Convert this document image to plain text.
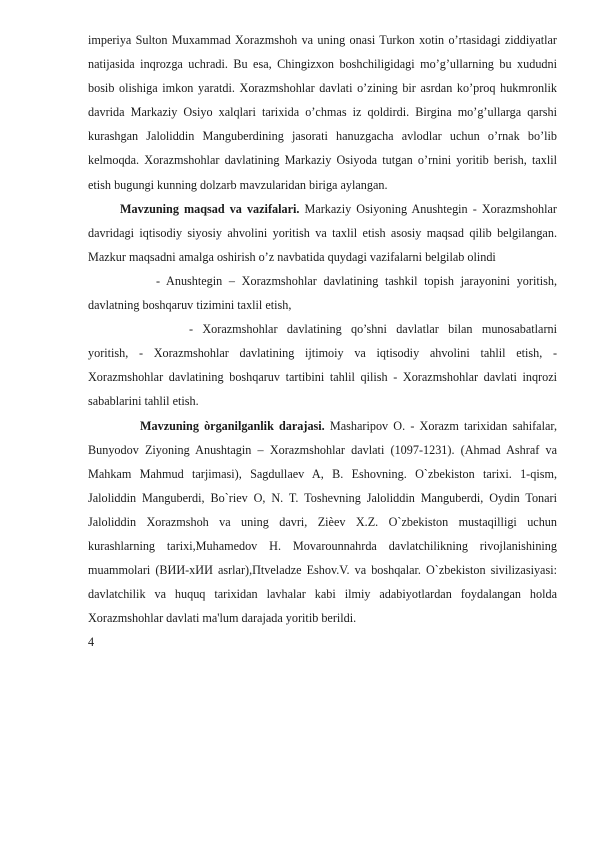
imperiya Sulton Muxammad Xorazmshoh va uning onasi Turkon xotin o’rtasidagi ziddiyatlar natijasida inqrozga uchradi. Bu esa, Chingizxon boshchiligidagi mo’g’ullarning bu xududni bosib olishiga imkon yaratdi. Xorazmshohlar davlati o’zining bir asrdan ko’proq hukmronlik davrida Markaziy Osiyo xalqlari tarixida o’chmas iz qoldirdi. Birgina mo’g’ullarga qarshi kurashgan Jaloliddin Manguberdining jasorati hanuzgacha avlodlar uchun o’rnak bo’lib kelmoqda. Xorazmshohlar davlatining Markaziy Osiyoda tutgan o’rnini yoritib berish, taxlil etish bugungi kunning dolzarb mavzularidan biriga aylangan.

Mavzuning maqsad va vazifalari. Markaziy Osiyoning Anushtegin - Xorazmshohlar davridagi iqtisodiy siyosiy ahvolini yoritish va taxlil etish asosiy maqsad qilib belgilangan. Mazkur maqsadni amalga oshirish o’z navbatida quydagi vazifalarni belgilab olindi

- Anushtegin – Xorazmshohlar davlatining tashkil topish jarayonini yoritish, davlatning boshqaruv tizimini taxlil etish,

- Xorazmshohlar davlatining qo’shni davlatlar bilan munosabatlarni yoritish, - Xorazmshohlar davlatining ijtimoiy va iqtisodiy ahvolini tahlil etish, - Xorazmshohlar davlatining boshqaruv tartibini tahlil qilish - Xorazmshohlar davlati inqrozi sabablarini tahlil etish.

Mavzuning òrganilganlik darajasi. Masharipov O. - Xorazm tarixidan sahifalar, Bunyodov Ziyoning Anushtagin – Xorazmshohlar davlati (1097-1231). (Ahmad Ashraf va Mahkam Mahmud tarjimasi), Sagdullaev A, B. Eshovning. O`zbekiston tarixi. 1-qism, Jaloliddin Manguberdi, Bo`riev O, N. T. Toshevning Jaloliddin Manguberdi, Oydin Tonari Jaloliddin Xorazmshoh va uning davri, Ziѐev X.Z. O`zbekiston mustaqilligi uchun kurashlarning tarixi,Muhamedov H. Movarounnahrda davlatchilikning rivojlanishining muammolari (BИИ-xИИ asrlar),Пtveladze Eshov.V. va boshqalar. O`zbekiston sivilizasiyasi: davlatchilik va huquq tarixidan lavhalar kabi ilmiy adabiyotlardan foydalangan holda Xorazmshohlar davlati ma'lum darajada yoritib berildi.

4
